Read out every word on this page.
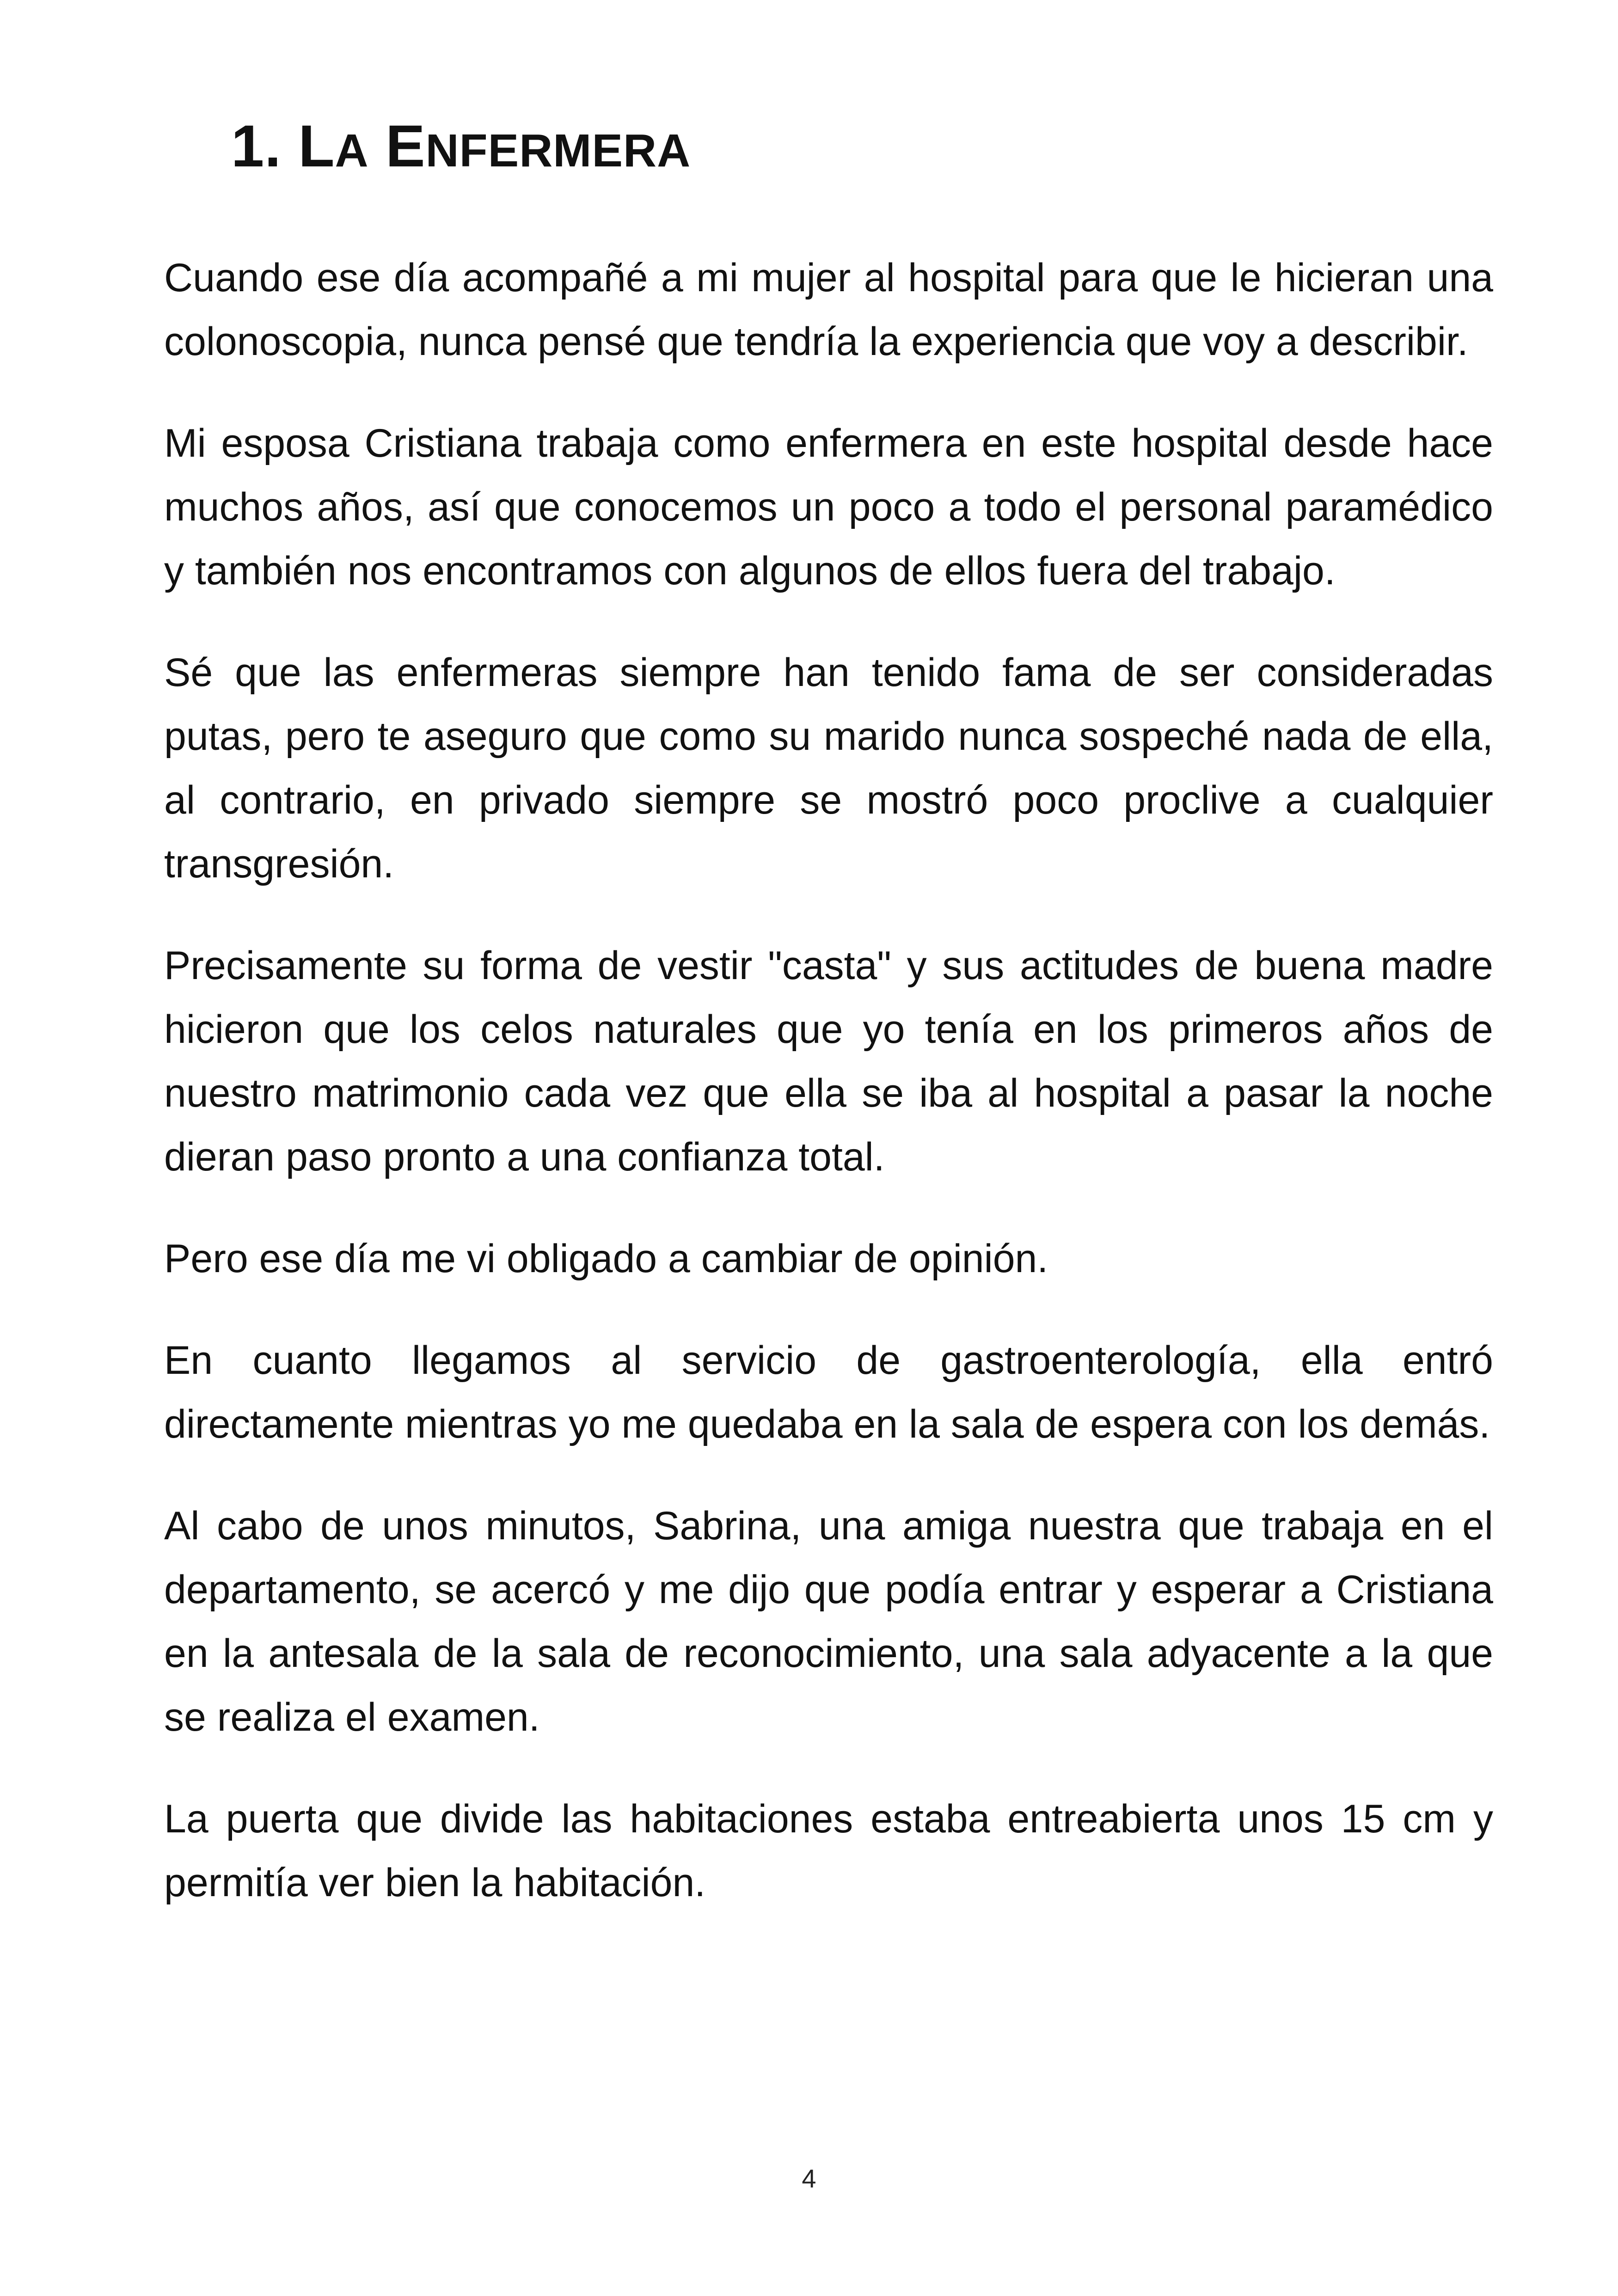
1. LA ENFERMERA

Cuando ese día acompañé a mi mujer al hospital para que le hicieran una colonoscopia, nunca pensé que tendría la experiencia que voy a describir.

Mi esposa Cristiana trabaja como enfermera en este hospital desde hace muchos años, así que conocemos un poco a todo el personal paramédico y también nos encontramos con algunos de ellos fuera del trabajo.

Sé que las enfermeras siempre han tenido fama de ser consideradas putas, pero te aseguro que como su marido nunca sospeché nada de ella, al contrario, en privado siempre se mostró poco proclive a cualquier transgresión.

Precisamente su forma de vestir "casta" y sus actitudes de buena madre hicieron que los celos naturales que yo tenía en los primeros años de nuestro matrimonio cada vez que ella se iba al hospital a pasar la noche dieran paso pronto a una confianza total.

Pero ese día me vi obligado a cambiar de opinión.

En cuanto llegamos al servicio de gastroenterología, ella entró directamente mientras yo me quedaba en la sala de espera con los demás.

Al cabo de unos minutos, Sabrina, una amiga nuestra que trabaja en el departamento, se acercó y me dijo que podía entrar y esperar a Cristiana en la antesala de la sala de reconocimiento, una sala adyacente a la que se realiza el examen.

La puerta que divide las habitaciones estaba entreabierta unos 15 cm y permitía ver bien la habitación.

4
